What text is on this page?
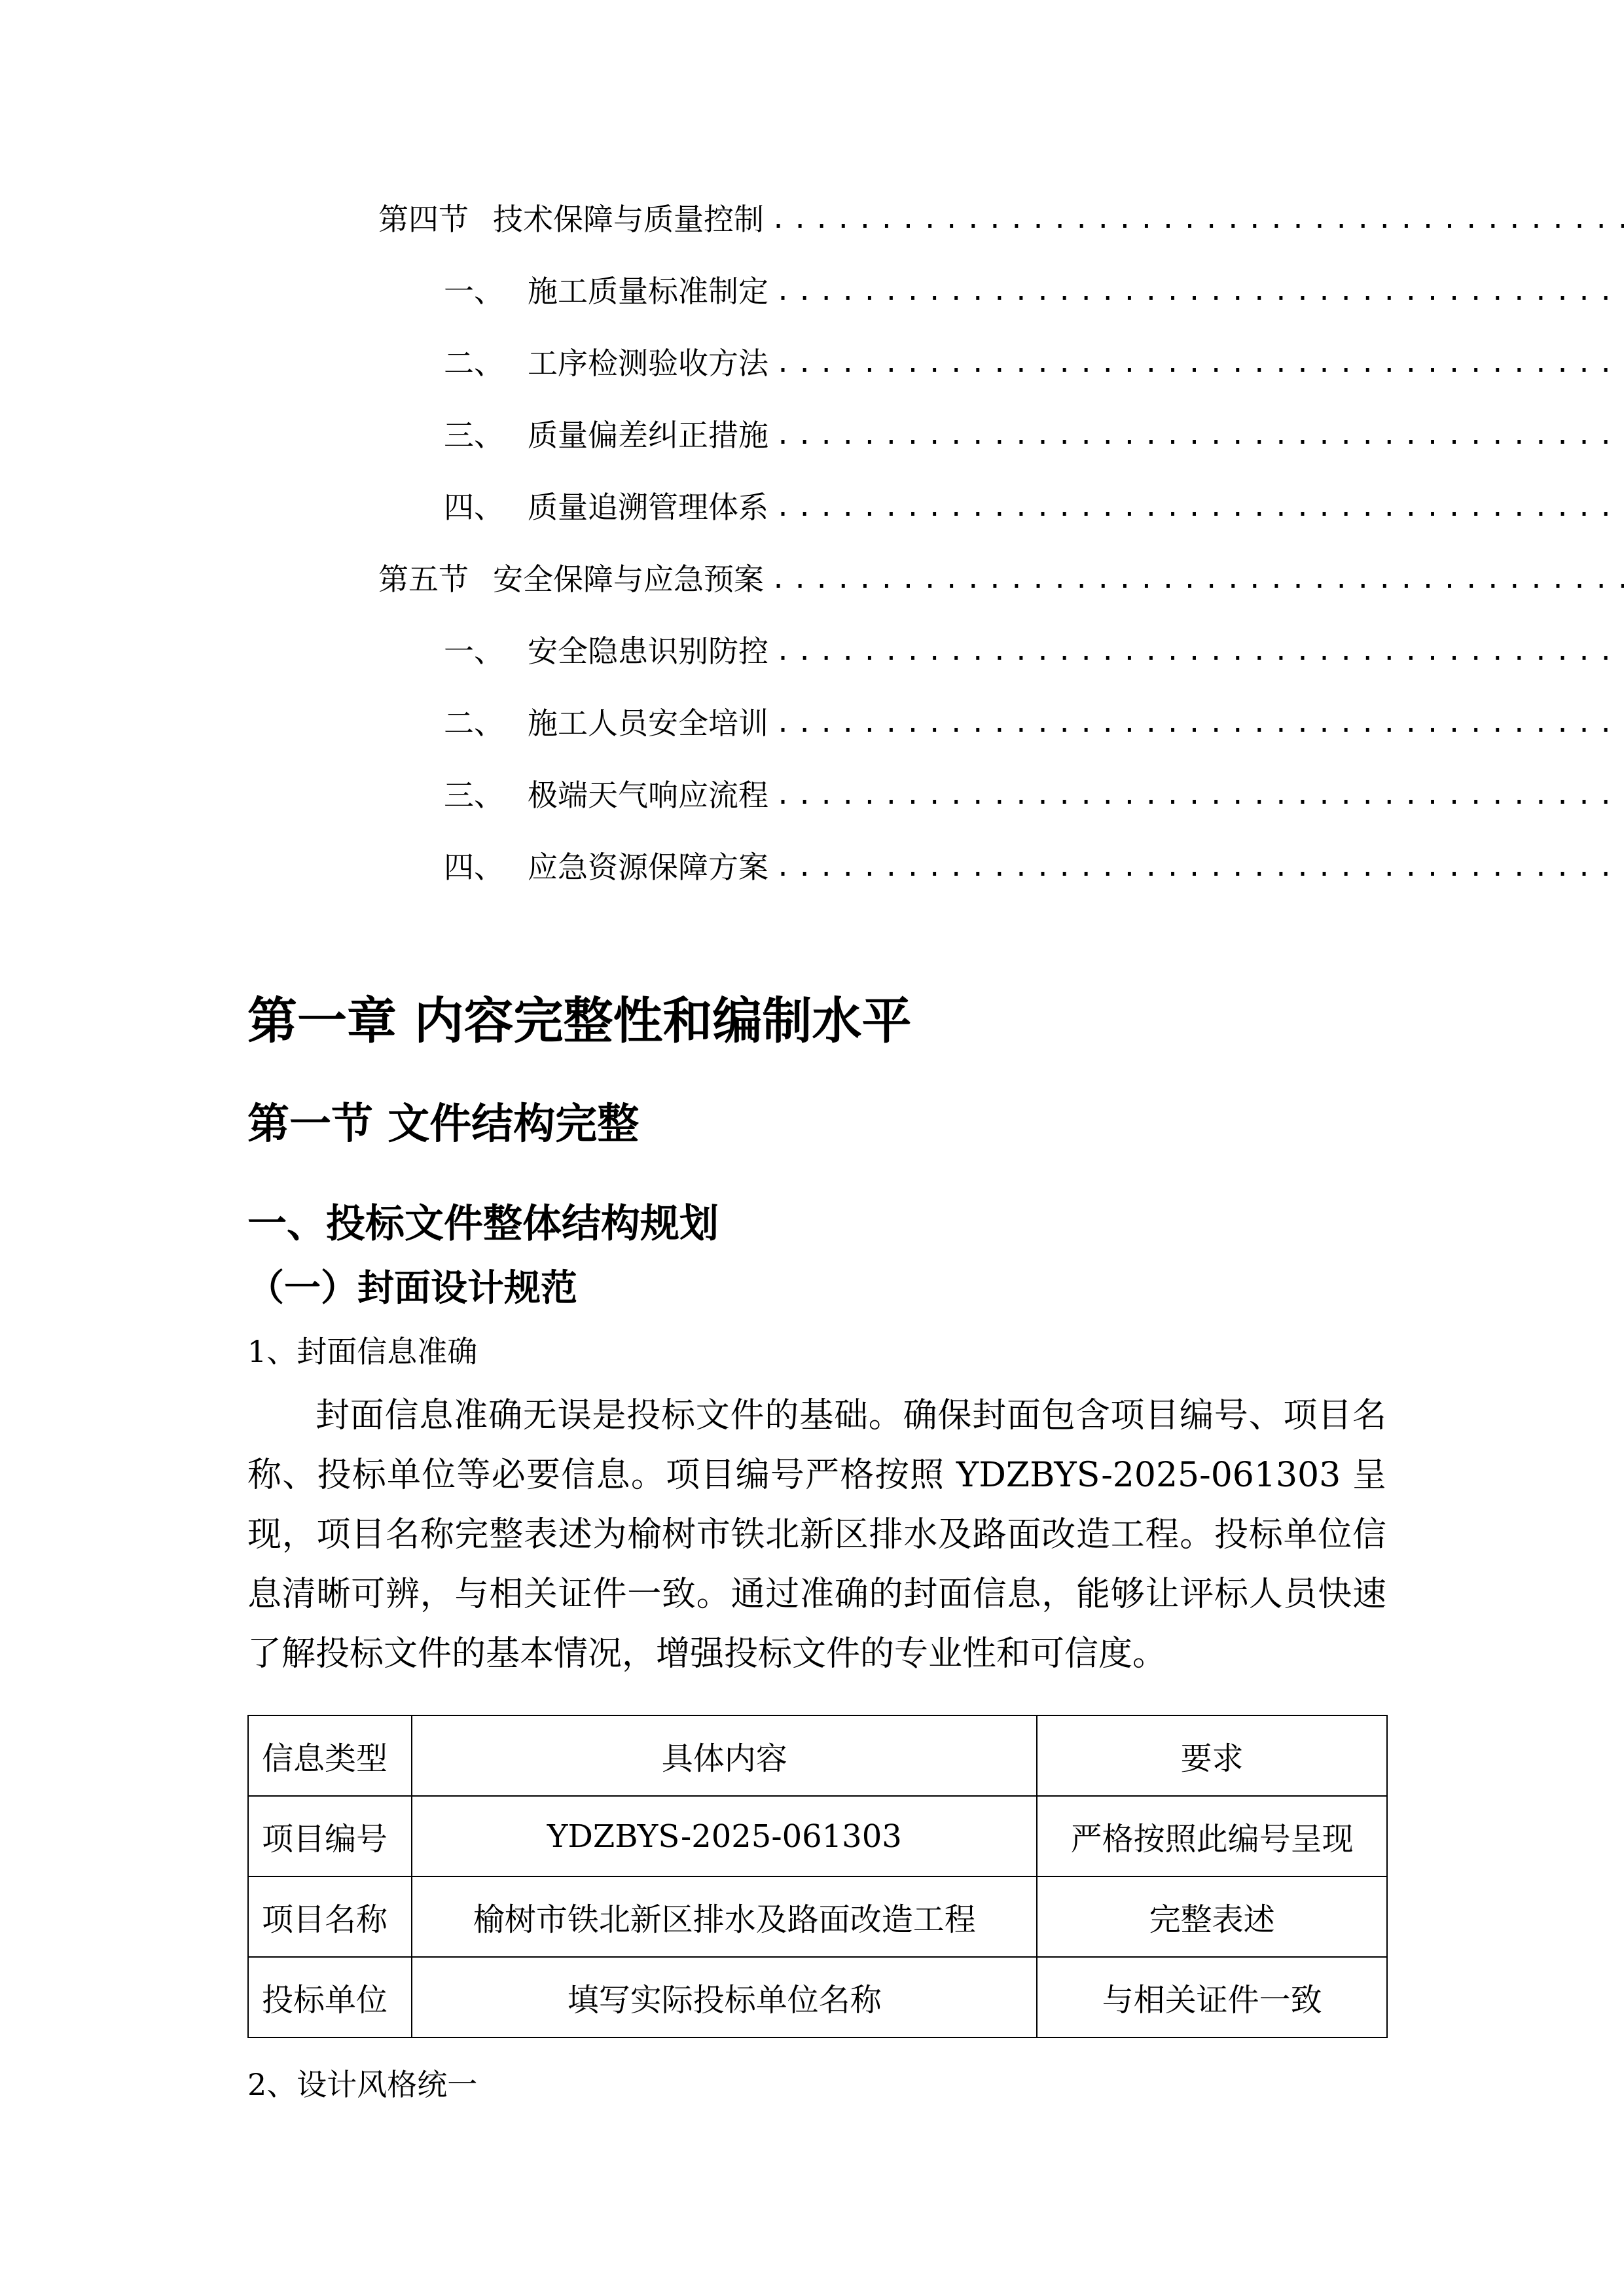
第四节 技术保障与质量控制
.....
一、 施工质量标准制定
.....
二、 工序检测验收方法
.....
三、 质量偏差纠正措施
.....
四、 质量追溯管理体系
.....
第五节 安全保障与应急预案
.....
一、 安全隐患识别防控
.....
二、 施工人员安全培训
.....
三、 极端天气响应流程
.....
四、 应急资源保障方案
.....
第一章 内容完整性和编制水平
第一节 文件结构完整
一、投标文件整体结构规划
（一）封面设计规范
1、封面信息准确

封面信息准确无误是投标文件的基础。确保封面包含项目编号、项目名称、投标单位等必要信息。项目编号严格按照 YDZBYS-2025-061303 呈现，项目名称完整表述为榆树市铁北新区排水及路面改造工程。投标单位信息清晰可辨，与相关证件一致。通过准确的封面信息，能够让评标人员快速了解投标文件的基本情况，增强投标文件的专业性和可信度。

信息类型	具体内容	要求
项目编号	YDZBYS-2025-061303	严格按照此编号呈现
项目名称	榆树市铁北新区排水及路面改造工程	完整表述
投标单位	填写实际投标单位名称	与相关证件一致
2、设计风格统一
